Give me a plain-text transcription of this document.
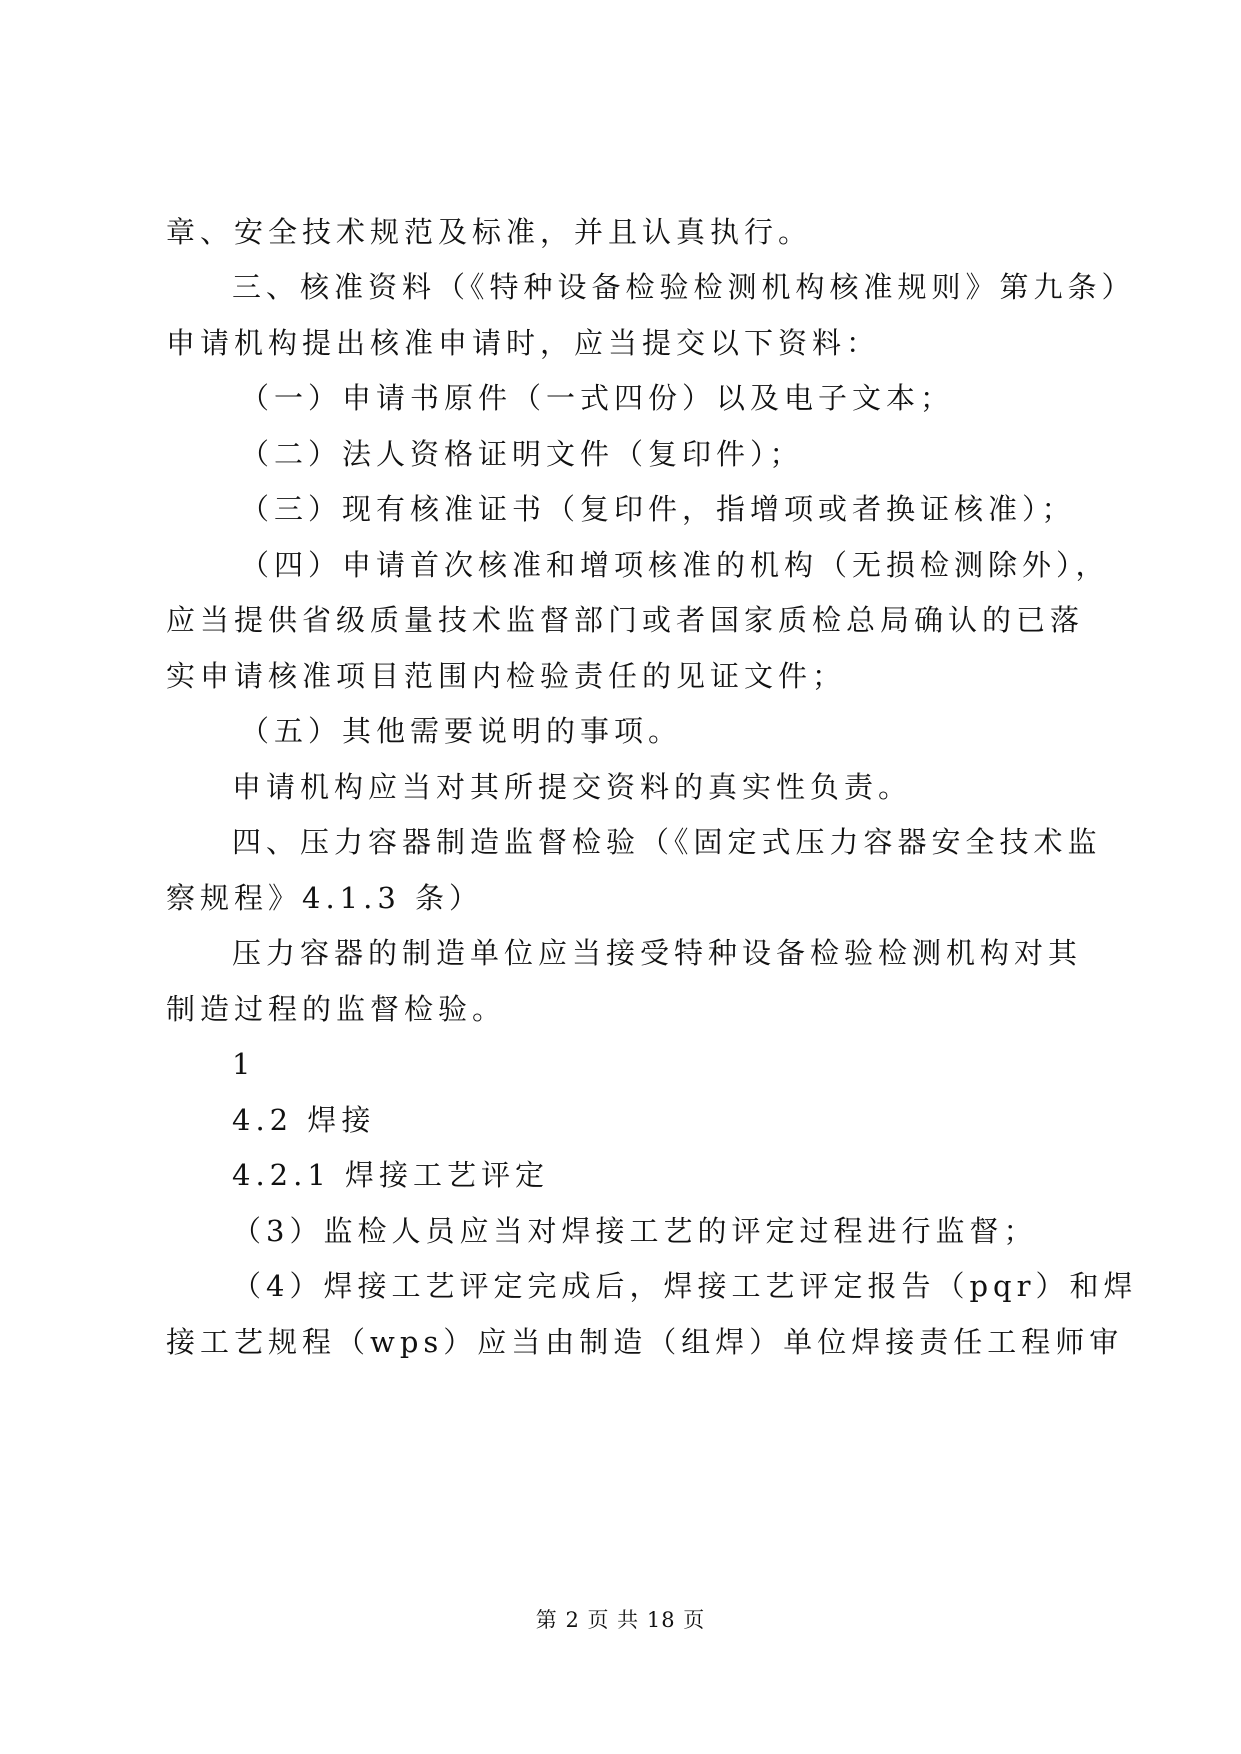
章、安全技术规范及标准，并且认真执行。
三、核准资料（《特种设备检验检测机构核准规则》第九条）
申请机构提出核准申请时，应当提交以下资料：
（一）申请书原件（一式四份）以及电子文本；
（二）法人资格证明文件（复印件）；
（三）现有核准证书（复印件，指增项或者换证核准）；
（四）申请首次核准和增项核准的机构（无损检测除外），
应当提供省级质量技术监督部门或者国家质检总局确认的已落
实申请核准项目范围内检验责任的见证文件；
（五）其他需要说明的事项。
申请机构应当对其所提交资料的真实性负责。
四、压力容器制造监督检验（《固定式压力容器安全技术监
察规程》4.1.3 条）
压力容器的制造单位应当接受特种设备检验检测机构对其
制造过程的监督检验。
1
4.2 焊接
4.2.1 焊接工艺评定
（3）监检人员应当对焊接工艺的评定过程进行监督；
（4）焊接工艺评定完成后，焊接工艺评定报告（pqr）和焊
接工艺规程（wps）应当由制造（组焊）单位焊接责任工程师审
第 2 页 共 18 页
